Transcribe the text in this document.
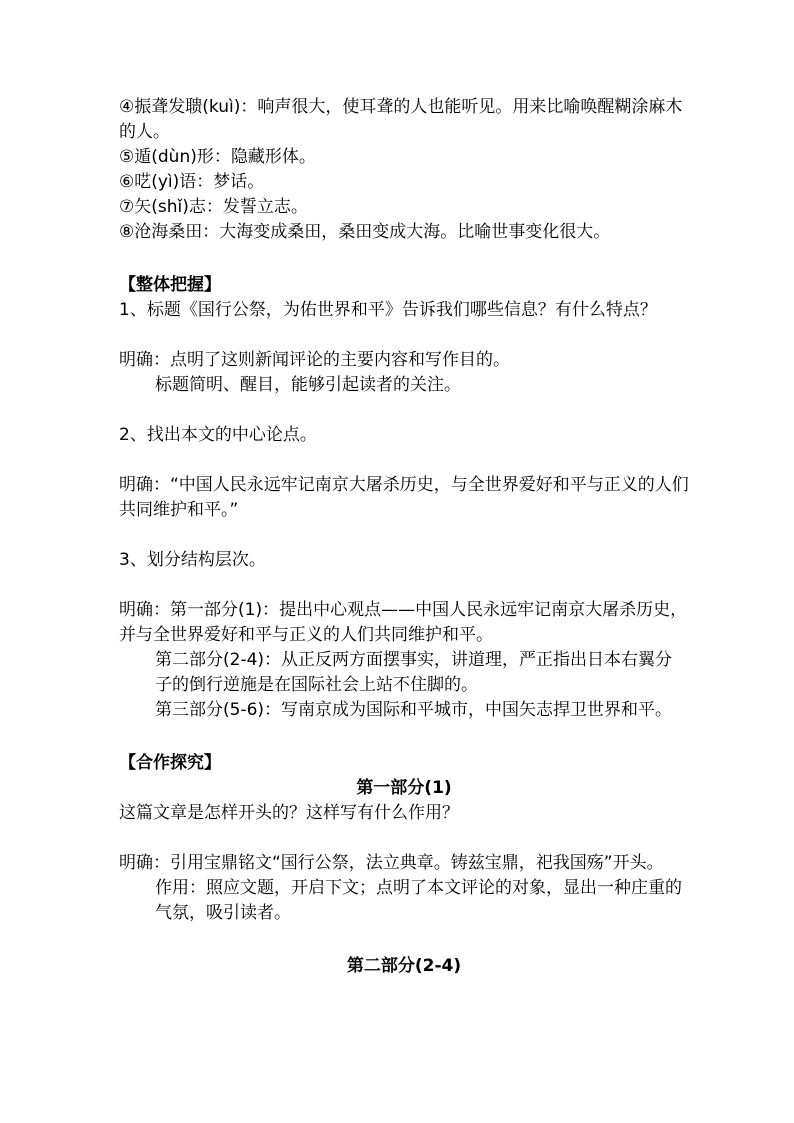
④振聋发聩(kuì)：响声很大，使耳聋的人也能听见。用来比喻唤醒糊涂麻木的人。

⑤遁(dùn)形：隐藏形体。

⑥呓(yì)语：梦话。

⑦矢(shǐ)志：发誓立志。

⑧沧海桑田：大海变成桑田，桑田变成大海。比喻世事变化很大。

【整体把握】

1、标题《国行公祭，为佑世界和平》告诉我们哪些信息？有什么特点？

明确：点明了这则新闻评论的主要内容和写作目的。

标题简明、醒目，能够引起读者的关注。

2、找出本文的中心论点。

明确：“中国人民永远牢记南京大屠杀历史，与全世界爱好和平与正义的人们共同维护和平。”

3、划分结构层次。

明确：第一部分(1)：提出中心观点——中国人民永远牢记南京大屠杀历史，并与全世界爱好和平与正义的人们共同维护和平。

第二部分(2-4)：从正反两方面摆事实，讲道理，严正指出日本右翼分子的倒行逆施是在国际社会上站不住脚的。

第三部分(5-6)：写南京成为国际和平城市，中国矢志捍卫世界和平。

【合作探究】

第一部分(1)

这篇文章是怎样开头的？这样写有什么作用？

明确：引用宝鼎铭文“国行公祭，法立典章。铸兹宝鼎，祀我国殇”开头。

作用：照应文题，开启下文；点明了本文评论的对象，显出一种庄重的气氛，吸引读者。

第二部分(2-4)
